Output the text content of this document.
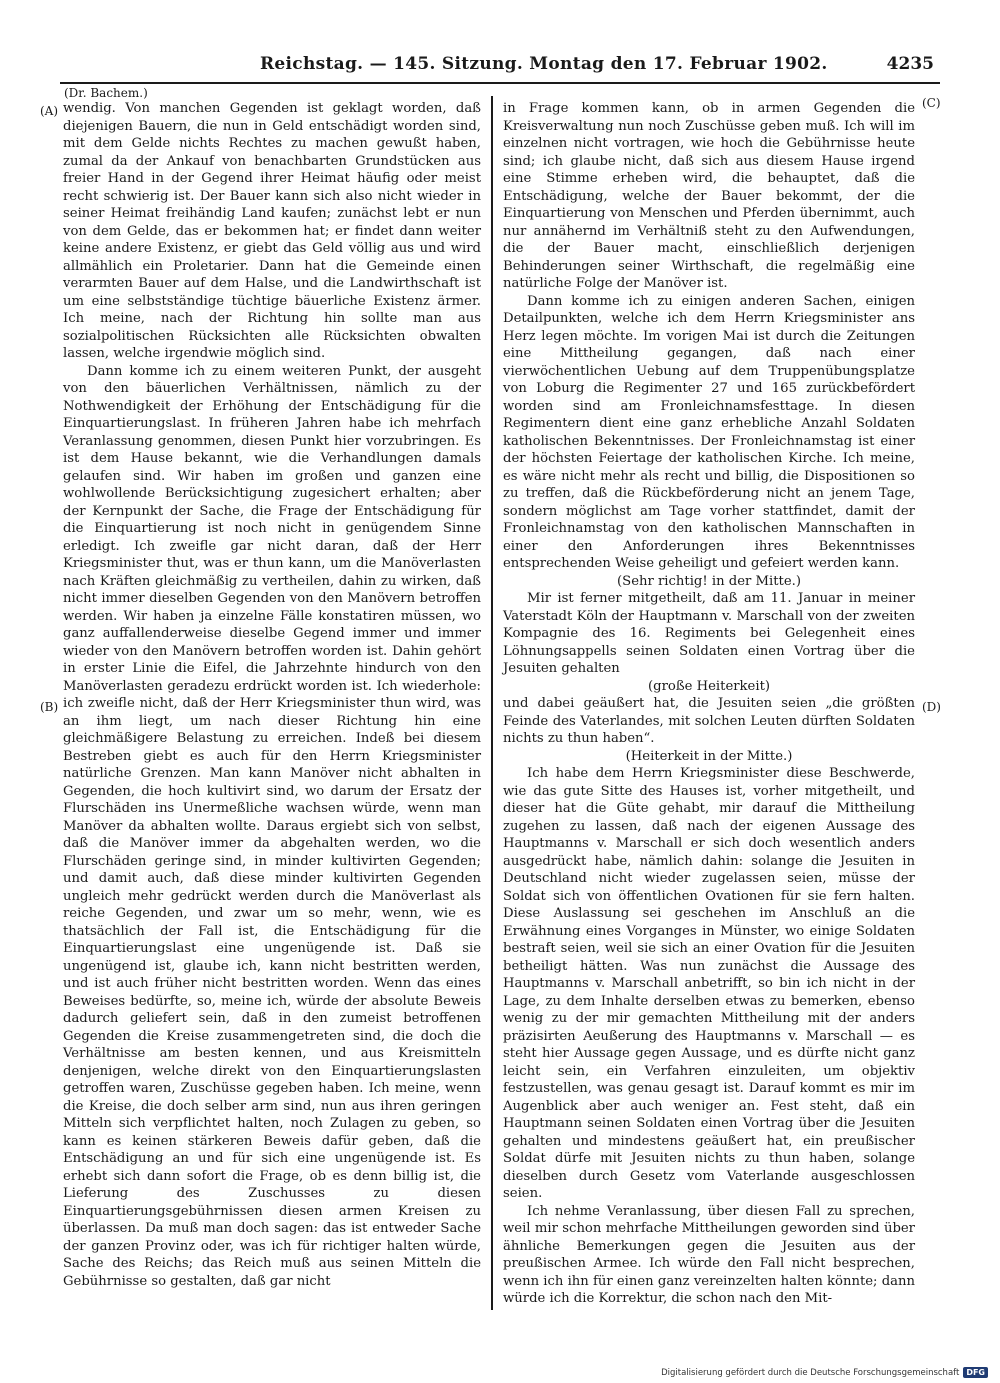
Reichstag. — 145. Sitzung. Montag den 17. Februar 1902.	4235
(Dr. Bachem.)
(A)
(B)
(C)
(D)

wendig. Von manchen Gegenden ist geklagt worden, daß diejenigen Bauern, die nun in Geld entschädigt worden sind, mit dem Gelde nichts Rechtes zu machen gewußt haben, zumal da der Ankauf von benachbarten Grundstücken aus freier Hand in der Gegend ihrer Heimat häufig oder meist recht schwierig ist. Der Bauer kann sich also nicht wieder in seiner Heimat freihändig Land kaufen; zunächst lebt er nun von dem Gelde, das er bekommen hat; er findet dann weiter keine andere Existenz, er giebt das Geld völlig aus und wird allmählich ein Proletarier. Dann hat die Gemeinde einen verarmten Bauer auf dem Halse, und die Landwirthschaft ist um eine selbstständige tüchtige bäuerliche Existenz ärmer. Ich meine, nach der Richtung hin sollte man aus sozialpolitischen Rücksichten alle Rücksichten obwalten lassen, welche irgendwie möglich sind.

Dann komme ich zu einem weiteren Punkt, der ausgeht von den bäuerlichen Verhältnissen, nämlich zu der Nothwendigkeit der Erhöhung der Entschädigung für die Einquartierungslast. In früheren Jahren habe ich mehrfach Veranlassung genommen, diesen Punkt hier vorzubringen. Es ist dem Hause bekannt, wie die Verhandlungen damals gelaufen sind. Wir haben im großen und ganzen eine wohlwollende Berücksichtigung zugesichert erhalten; aber der Kernpunkt der Sache, die Frage der Entschädigung für die Einquartierung ist noch nicht in genügendem Sinne erledigt. Ich zweifle gar nicht daran, daß der Herr Kriegsminister thut, was er thun kann, um die Manöverlasten nach Kräften gleichmäßig zu vertheilen, dahin zu wirken, daß nicht immer dieselben Gegenden von den Manövern betroffen werden. Wir haben ja einzelne Fälle konstatiren müssen, wo ganz auffallenderweise dieselbe Gegend immer und immer wieder von den Manövern betroffen worden ist. Dahin gehört in erster Linie die Eifel, die Jahrzehnte hindurch von den Manöverlasten geradezu erdrückt worden ist. Ich wiederhole: ich zweifle nicht, daß der Herr Kriegsminister thun wird, was an ihm liegt, um nach dieser Richtung hin eine gleichmäßigere Belastung zu erreichen. Indeß bei diesem Bestreben giebt es auch für den Herrn Kriegsminister natürliche Grenzen. Man kann Manöver nicht abhalten in Gegenden, die hoch kultivirt sind, wo darum der Ersatz der Flurschäden ins Unermeßliche wachsen würde, wenn man Manöver da abhalten wollte. Daraus ergiebt sich von selbst, daß die Manöver immer da abgehalten werden, wo die Flurschäden geringe sind, in minder kultivirten Gegenden; und damit auch, daß diese minder kultivirten Gegenden ungleich mehr gedrückt werden durch die Manöverlast als reiche Gegenden, und zwar um so mehr, wenn, wie es thatsächlich der Fall ist, die Entschädigung für die Einquartierungslast eine ungenügende ist. Daß sie ungenügend ist, glaube ich, kann nicht bestritten werden, und ist auch früher nicht bestritten worden. Wenn das eines Beweises bedürfte, so, meine ich, würde der absolute Beweis dadurch geliefert sein, daß in den zumeist betroffenen Gegenden die Kreise zusammengetreten sind, die doch die Verhältnisse am besten kennen, und aus Kreismitteln denjenigen, welche direkt von den Einquartierungslasten getroffen waren, Zuschüsse gegeben haben. Ich meine, wenn die Kreise, die doch selber arm sind, nun aus ihren geringen Mitteln sich verpflichtet halten, noch Zulagen zu geben, so kann es keinen stärkeren Beweis dafür geben, daß die Entschädigung an und für sich eine ungenügende ist. Es erhebt sich dann sofort die Frage, ob es denn billig ist, die Lieferung des Zuschusses zu diesen Einquartierungsgebührnissen diesen armen Kreisen zu überlassen. Da muß man doch sagen: das ist entweder Sache der ganzen Provinz oder, was ich für richtiger halten würde, Sache des Reichs; das Reich muß aus seinen Mitteln die Gebührnisse so gestalten, daß gar nicht

in Frage kommen kann, ob in armen Gegenden die Kreisverwaltung nun noch Zuschüsse geben muß. Ich will im einzelnen nicht vortragen, wie hoch die Gebührnisse heute sind; ich glaube nicht, daß sich aus diesem Hause irgend eine Stimme erheben wird, die behauptet, daß die Entschädigung, welche der Bauer bekommt, der die Einquartierung von Menschen und Pferden übernimmt, auch nur annähernd im Verhältniß steht zu den Aufwendungen, die der Bauer macht, einschließlich derjenigen Behinderungen seiner Wirthschaft, die regelmäßig eine natürliche Folge der Manöver ist.

Dann komme ich zu einigen anderen Sachen, einigen Detailpunkten, welche ich dem Herrn Kriegsminister ans Herz legen möchte. Im vorigen Mai ist durch die Zeitungen eine Mittheilung gegangen, daß nach einer vierwöchentlichen Uebung auf dem Truppenübungsplatze von Loburg die Regimenter 27 und 165 zurückbefördert worden sind am Fronleichnamsfesttage. In diesen Regimentern dient eine ganz erhebliche Anzahl Soldaten katholischen Bekenntnisses. Der Fronleichnamstag ist einer der höchsten Feiertage der katholischen Kirche. Ich meine, es wäre nicht mehr als recht und billig, die Dispositionen so zu treffen, daß die Rückbeförderung nicht an jenem Tage, sondern möglichst am Tage vorher stattfindet, damit der Fronleichnamstag von den katholischen Mannschaften in einer den Anforderungen ihres Bekenntnisses entsprechenden Weise geheiligt und gefeiert werden kann.

(Sehr richtig! in der Mitte.)

Mir ist ferner mitgetheilt, daß am 11. Januar in meiner Vaterstadt Köln der Hauptmann v. Marschall von der zweiten Kompagnie des 16. Regiments bei Gelegenheit eines Löhnungsappells seinen Soldaten einen Vortrag über die Jesuiten gehalten

(große Heiterkeit)

und dabei geäußert hat, die Jesuiten seien „die größten Feinde des Vaterlandes, mit solchen Leuten dürften Soldaten nichts zu thun haben“.

(Heiterkeit in der Mitte.)

Ich habe dem Herrn Kriegsminister diese Beschwerde, wie das gute Sitte des Hauses ist, vorher mitgetheilt, und dieser hat die Güte gehabt, mir darauf die Mittheilung zugehen zu lassen, daß nach der eigenen Aussage des Hauptmanns v. Marschall er sich doch wesentlich anders ausgedrückt habe, nämlich dahin: solange die Jesuiten in Deutschland nicht wieder zugelassen seien, müsse der Soldat sich von öffentlichen Ovationen für sie fern halten. Diese Auslassung sei geschehen im Anschluß an die Erwähnung eines Vorganges in Münster, wo einige Soldaten bestraft seien, weil sie sich an einer Ovation für die Jesuiten betheiligt hätten. Was nun zunächst die Aussage des Hauptmanns v. Marschall anbetrifft, so bin ich nicht in der Lage, zu dem Inhalte derselben etwas zu bemerken, ebenso wenig zu der mir gemachten Mittheilung mit der anders präzisirten Aeußerung des Hauptmanns v. Marschall — es steht hier Aussage gegen Aussage, und es dürfte nicht ganz leicht sein, ein Verfahren einzuleiten, um objektiv festzustellen, was genau gesagt ist. Darauf kommt es mir im Augenblick aber auch weniger an. Fest steht, daß ein Hauptmann seinen Soldaten einen Vortrag über die Jesuiten gehalten und mindestens geäußert hat, ein preußischer Soldat dürfe mit Jesuiten nichts zu thun haben, solange dieselben durch Gesetz vom Vaterlande ausgeschlossen seien.

Ich nehme Veranlassung, über diesen Fall zu sprechen, weil mir schon mehrfache Mittheilungen geworden sind über ähnliche Bemerkungen gegen die Jesuiten aus der preußischen Armee. Ich würde den Fall nicht besprechen, wenn ich ihn für einen ganz vereinzelten halten könnte; dann würde ich die Korrektur, die schon nach den Mit-

Digitalisierung gefördert durch die Deutsche Forschungsgemeinschaft DFG
